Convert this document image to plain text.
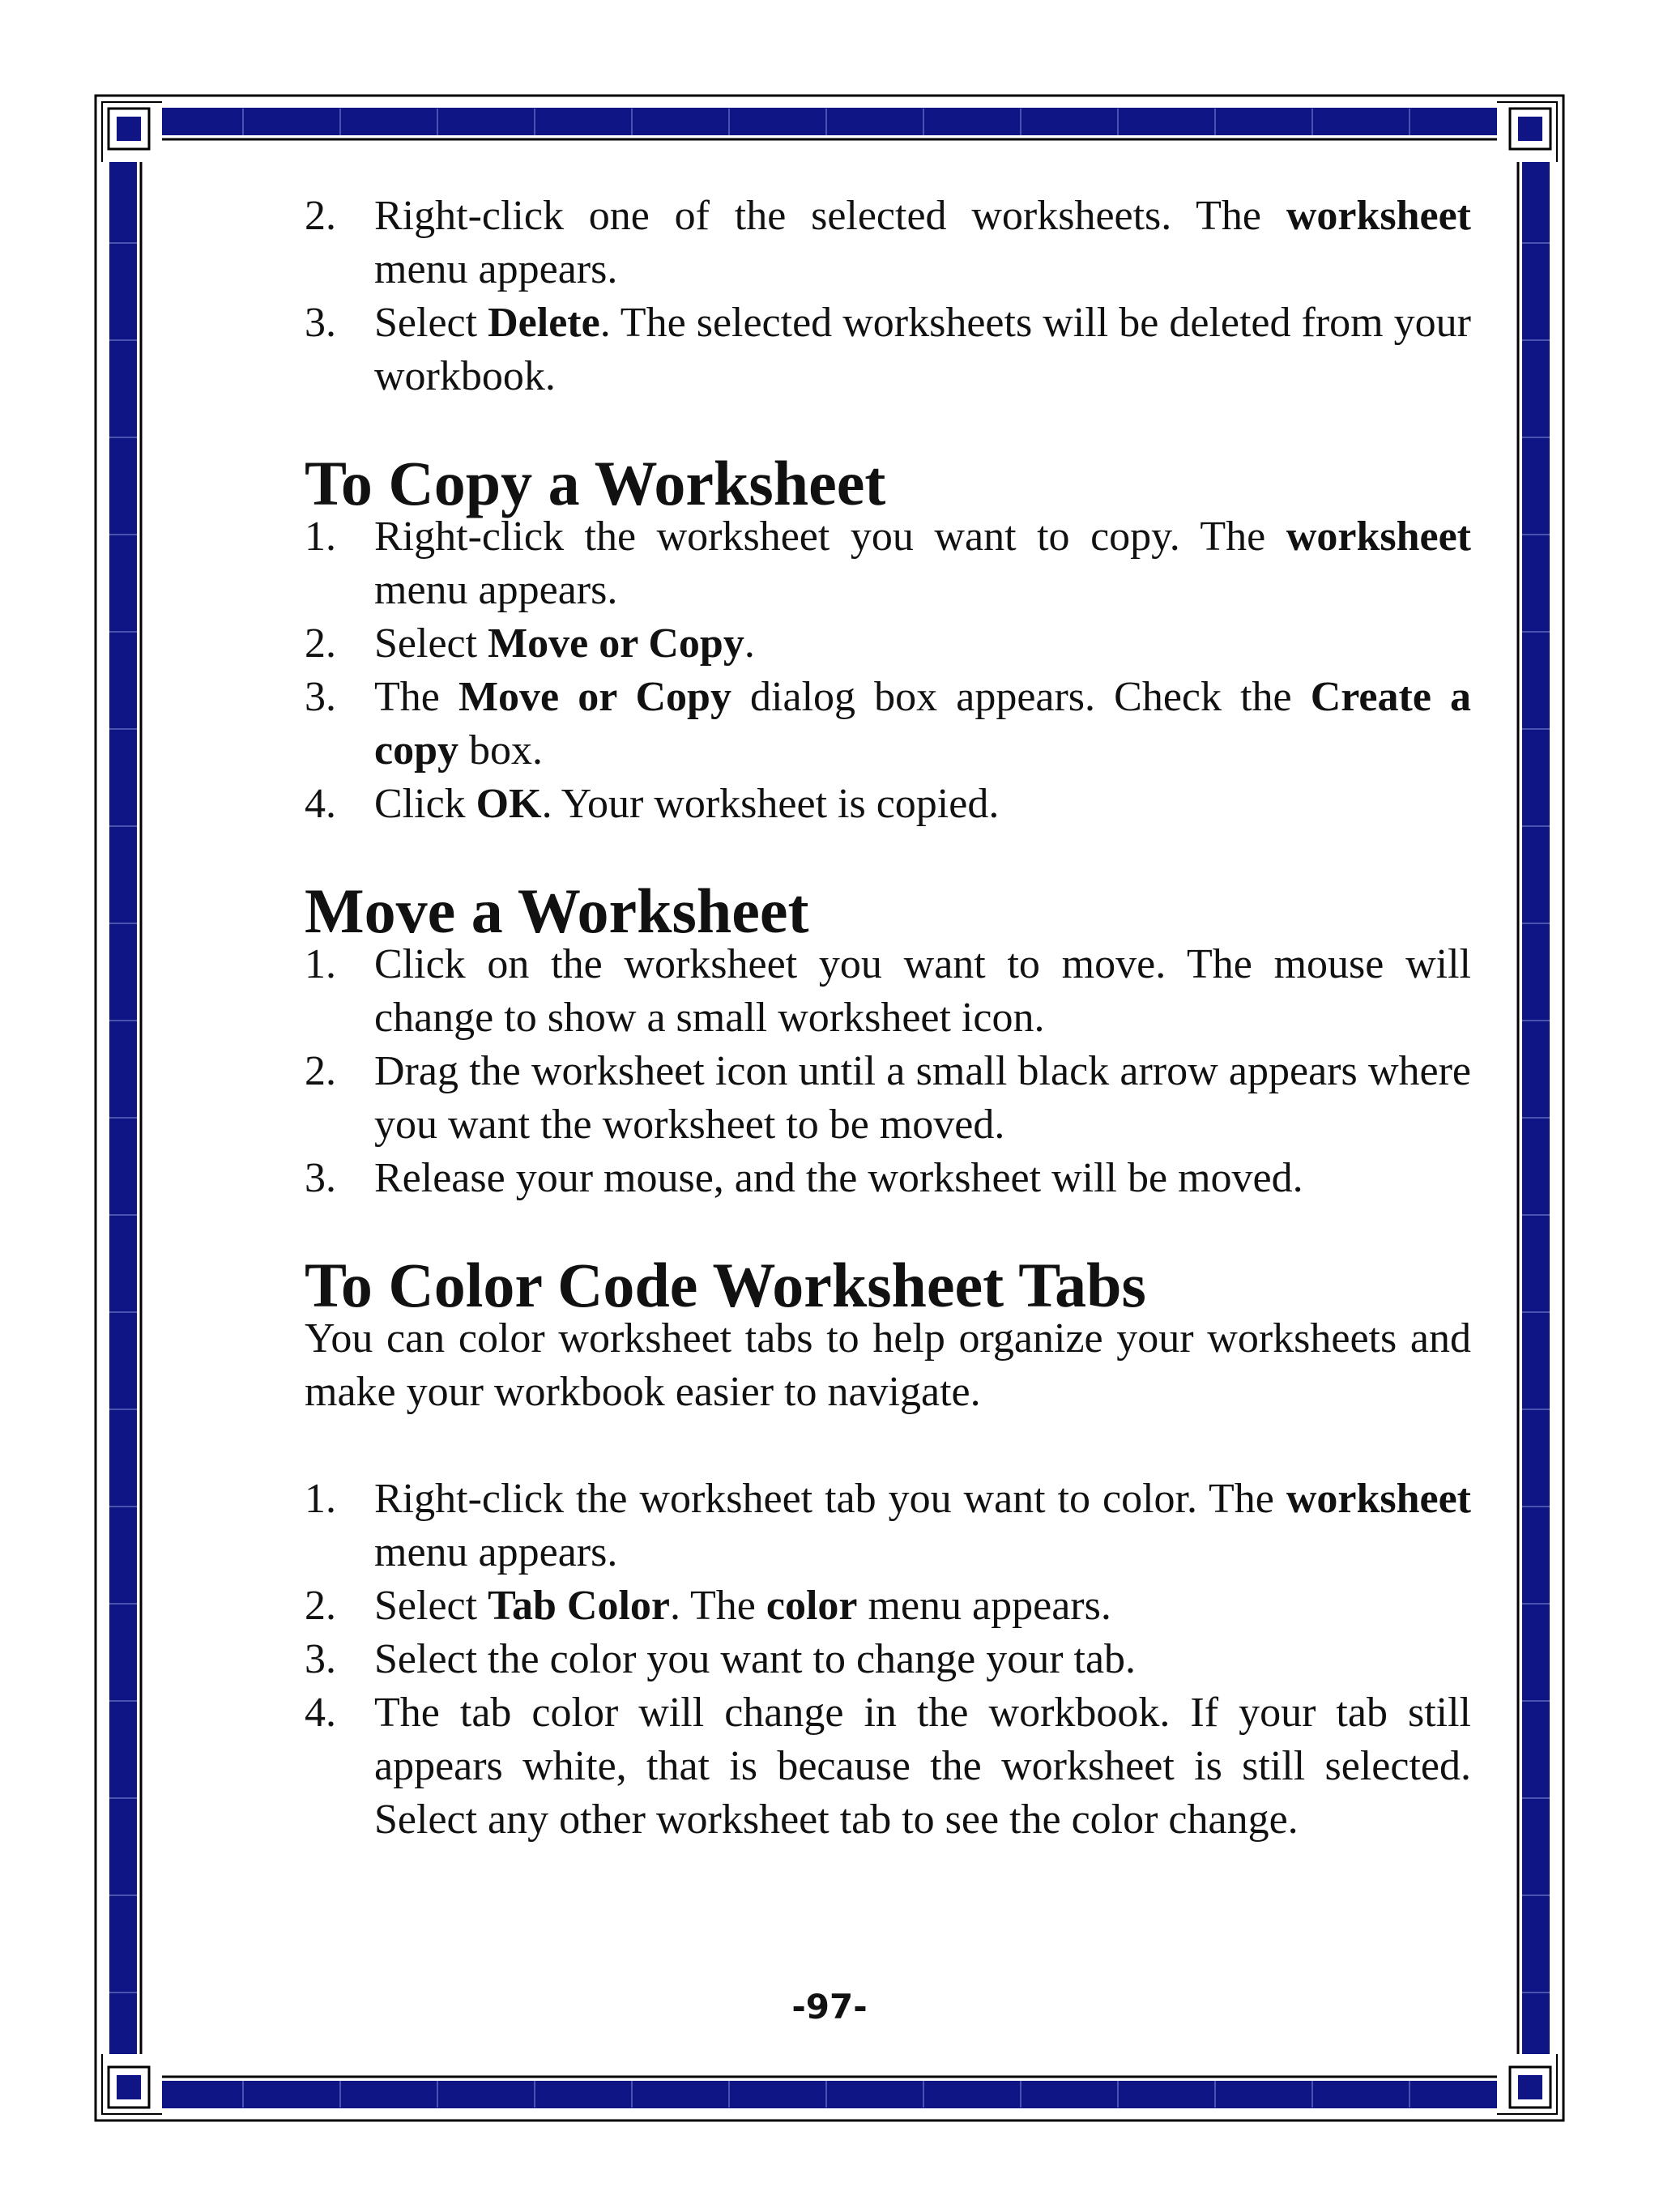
2. Right-click one of the selected worksheets. The worksheet menu appears.
3. Select Delete. The selected worksheets will be deleted from your workbook.
To Copy a Worksheet
1. Right-click the worksheet you want to copy. The worksheet menu appears.
2. Select Move or Copy.
3. The Move or Copy dialog box appears. Check the Create a copy box.
4. Click OK. Your worksheet is copied.
Move a Worksheet
1. Click on the worksheet you want to move. The mouse will change to show a small worksheet icon.
2. Drag the worksheet icon until a small black arrow appears where you want the worksheet to be moved.
3. Release your mouse, and the worksheet will be moved.
To Color Code Worksheet Tabs

You can color worksheet tabs to help organize your worksheets and make your workbook easier to navigate.

1. Right-click the worksheet tab you want to color. The worksheet menu appears.
2. Select Tab Color. The color menu appears.
3. Select the color you want to change your tab.
4. The tab color will change in the workbook. If your tab still appears white, that is because the worksheet is still selected. Select any other worksheet tab to see the color change.
-97-
